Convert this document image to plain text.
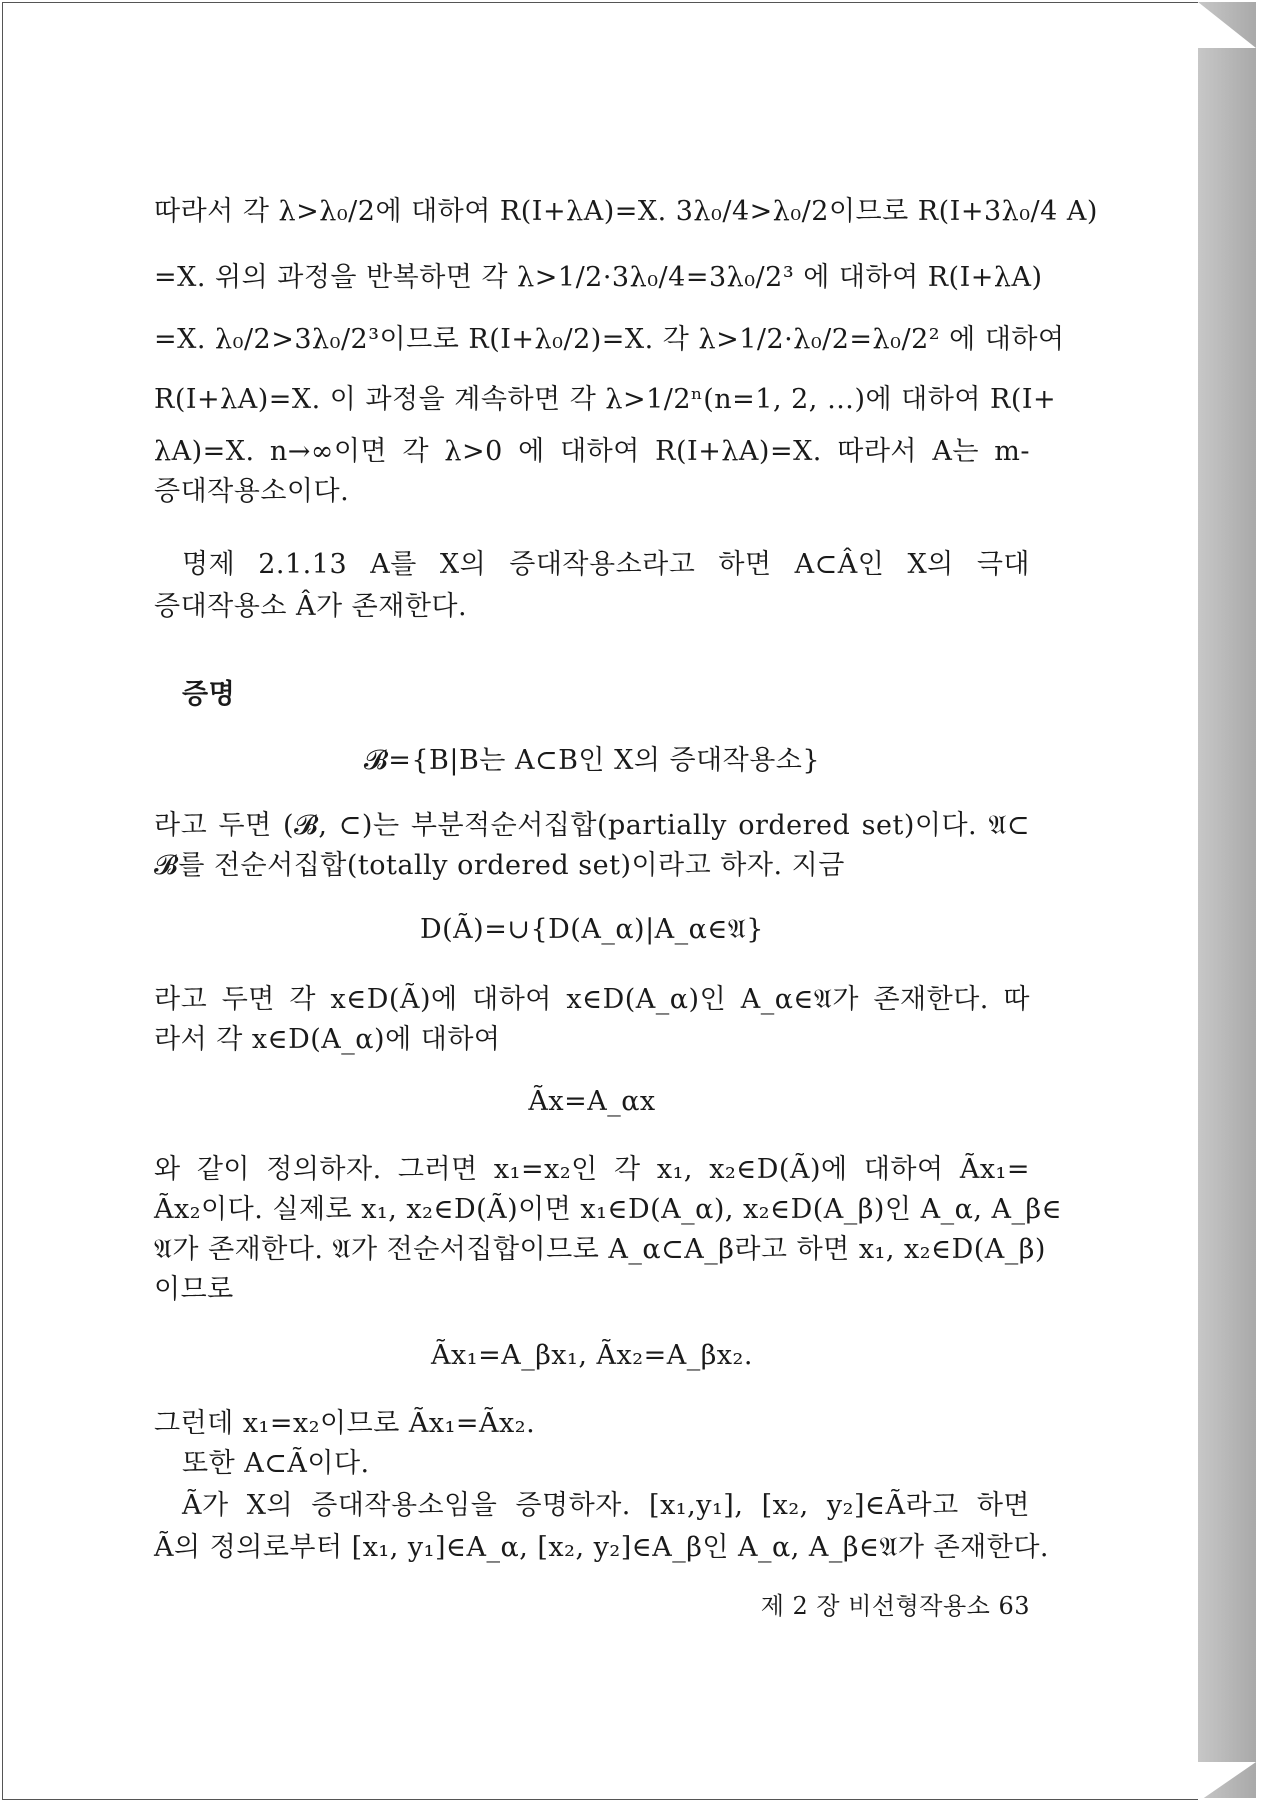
따라서 각 λ>λ₀/2에 대하여 R(I+λA)=X. 3λ₀/4>λ₀/2이므로 R(I+3λ₀/4 A)
=X. 위의 과정을 반복하면 각 λ>1/2·3λ₀/4=3λ₀/2³ 에 대하여 R(I+λA)
=X. λ₀/2>3λ₀/2³이므로 R(I+λ₀/2)=X. 각 λ>1/2·λ₀/2=λ₀/2² 에 대하여
R(I+λA)=X. 이 과정을 계속하면 각 λ>1/2ⁿ(n=1, 2, …)에 대하여 R(I+
λA)=X. n→∞이면 각 λ>0 에 대하여 R(I+λA)=X. 따라서 A는 m-
증대작용소이다.
명제 2.1.13 A를 X의 증대작용소라고 하면 A⊂Â인 X의 극대
증대작용소 Â가 존재한다.
증명
𝓑={B|B는 A⊂B인 X의 증대작용소}
라고 두면 (𝓑, ⊂)는 부분적순서집합(partially ordered set)이다. 𝔄⊂
𝓑를 전순서집합(totally ordered set)이라고 하자. 지금
D(Ã)=∪{D(A_α)|A_α∈𝔄}
라고 두면 각 x∈D(Ã)에 대하여 x∈D(A_α)인 A_α∈𝔄가 존재한다. 따
라서 각 x∈D(A_α)에 대하여
Ãx=A_αx
와 같이 정의하자. 그러면 x₁=x₂인 각 x₁, x₂∈D(Ã)에 대하여 Ãx₁=
Ãx₂이다. 실제로 x₁, x₂∈D(Ã)이면 x₁∈D(A_α), x₂∈D(A_β)인 A_α, A_β∈
𝔄가 존재한다. 𝔄가 전순서집합이므로 A_α⊂A_β라고 하면 x₁, x₂∈D(A_β)
이므로
Ãx₁=A_βx₁, Ãx₂=A_βx₂.
그런데 x₁=x₂이므로 Ãx₁=Ãx₂.
또한 A⊂Ã이다.
Ã가 X의 증대작용소임을 증명하자. [x₁,y₁], [x₂, y₂]∈Ã라고 하면
Ã의 정의로부터 [x₁, y₁]∈A_α, [x₂, y₂]∈A_β인 A_α, A_β∈𝔄가 존재한다.
제 2 장 비선형작용소 63
